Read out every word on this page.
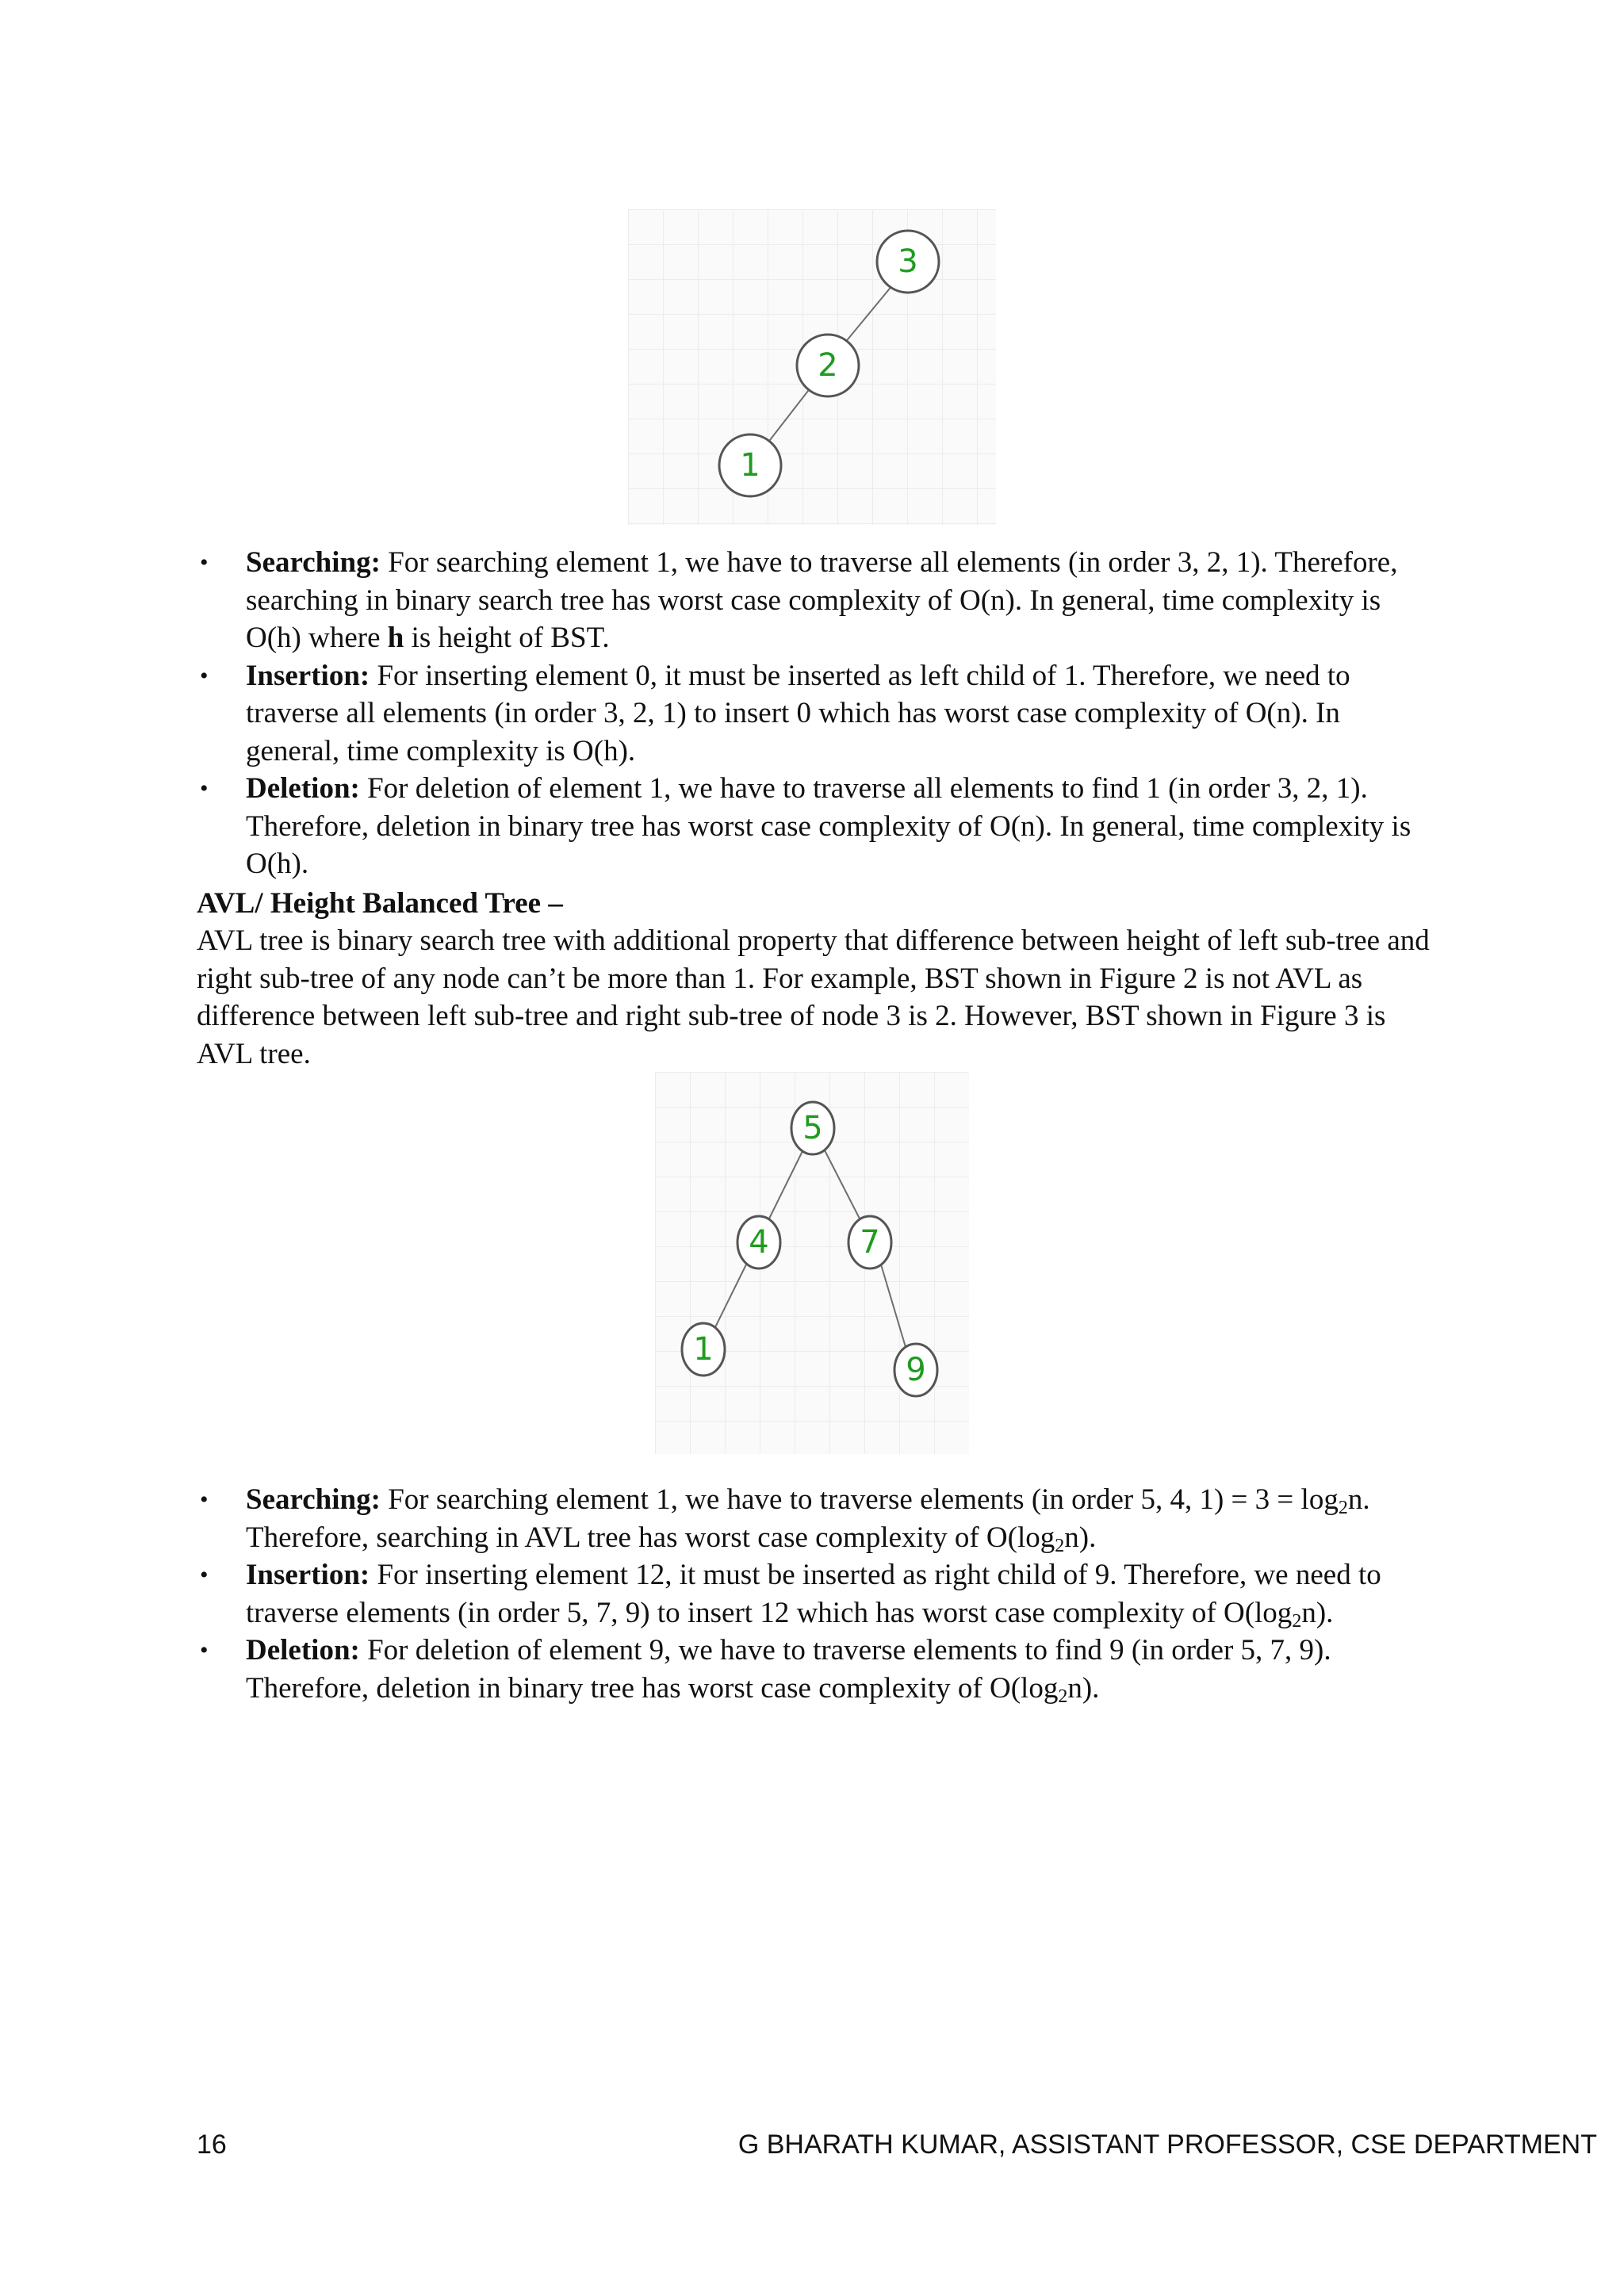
3
2
1
• Searching: For searching element 1, we have to traverse all elements (in order 3, 2, 1). Therefore, searching in binary search tree has worst case complexity of O(n). In general, time complexity is O(h) where h is height of BST.
• Insertion: For inserting element 0, it must be inserted as left child of 1. Therefore, we need to traverse all elements (in order 3, 2, 1) to insert 0 which has worst case complexity of O(n). In general, time complexity is O(h).
• Deletion: For deletion of element 1, we have to traverse all elements to find 1 (in order 3, 2, 1). Therefore, deletion in binary tree has worst case complexity of O(n). In general, time complexity is O(h).
AVL/ Height Balanced Tree –

AVL tree is binary search tree with additional property that difference between height of left sub-tree and right sub-tree of any node can’t be more than 1. For example, BST shown in Figure 2 is not AVL as difference between left sub-tree and right sub-tree of node 3 is 2. However, BST shown in Figure 3 is AVL tree.

5
4	7
1
9
• Searching: For searching element 1, we have to traverse elements (in order 5, 4, $1) = 3 = \log_2n$. Therefore, searching in AVL tree has worst case complexity of $O(\log_2n)$.
• Insertion: For inserting element 12, it must be inserted as right child of 9. Therefore, we need to traverse elements (in order 5, 7, 9) to insert 12 which has worst case complexity of $O(\log_2n)$.
• Deletion: For deletion of element 9, we have to traverse elements to find 9 (in order 5, 7, 9). Therefore, deletion in binary tree has worst case complexity of $O(\log_2n)$.
16	G BHARATH KUMAR, ASSISTANT PROFESSOR, CSE DEPARTMENT
